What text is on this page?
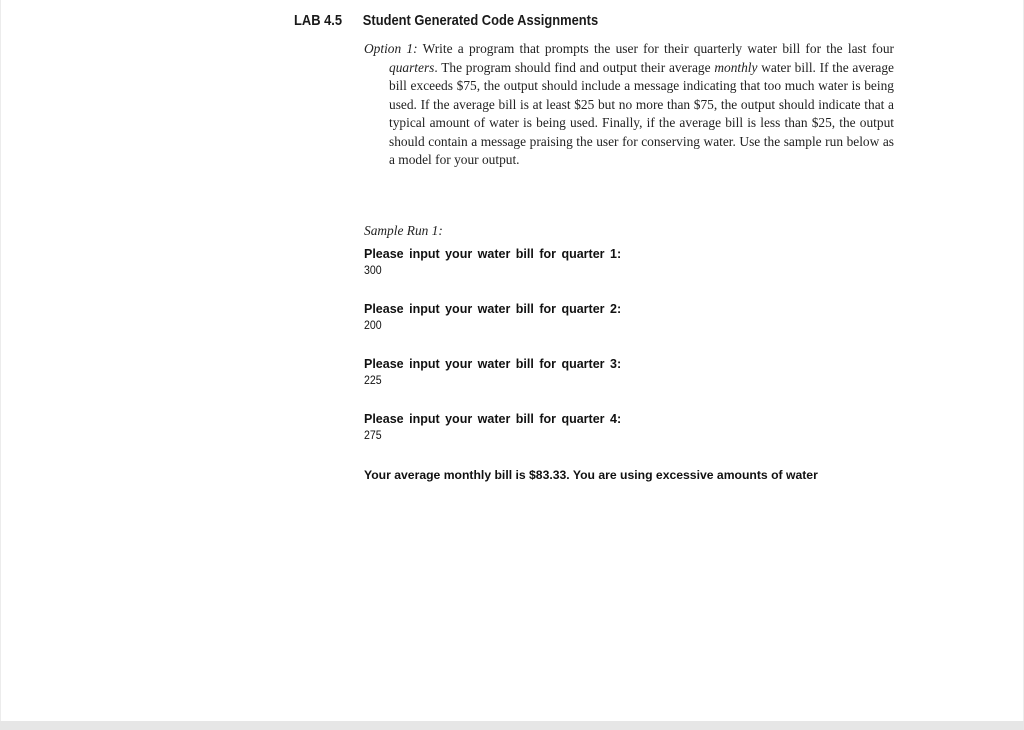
LAB 4.5 Student Generated Code Assignments
Option 1: Write a program that prompts the user for their quarterly water bill for the last four quarters. The program should find and output their average monthly water bill. If the average bill exceeds $75, the output should include a message indicating that too much water is being used. If the average bill is at least $25 but no more than $75, the output should indicate that a typical amount of water is being used. Finally, if the average bill is less than $25, the output should contain a message praising the user for conserving water. Use the sample run below as a model for your output.
Sample Run 1:
Please input your water bill for quarter 1:
300
Please input your water bill for quarter 2:
200
Please input your water bill for quarter 3:
225
Please input your water bill for quarter 4:
275
Your average monthly bill is $83.33. You are using excessive amounts of water
